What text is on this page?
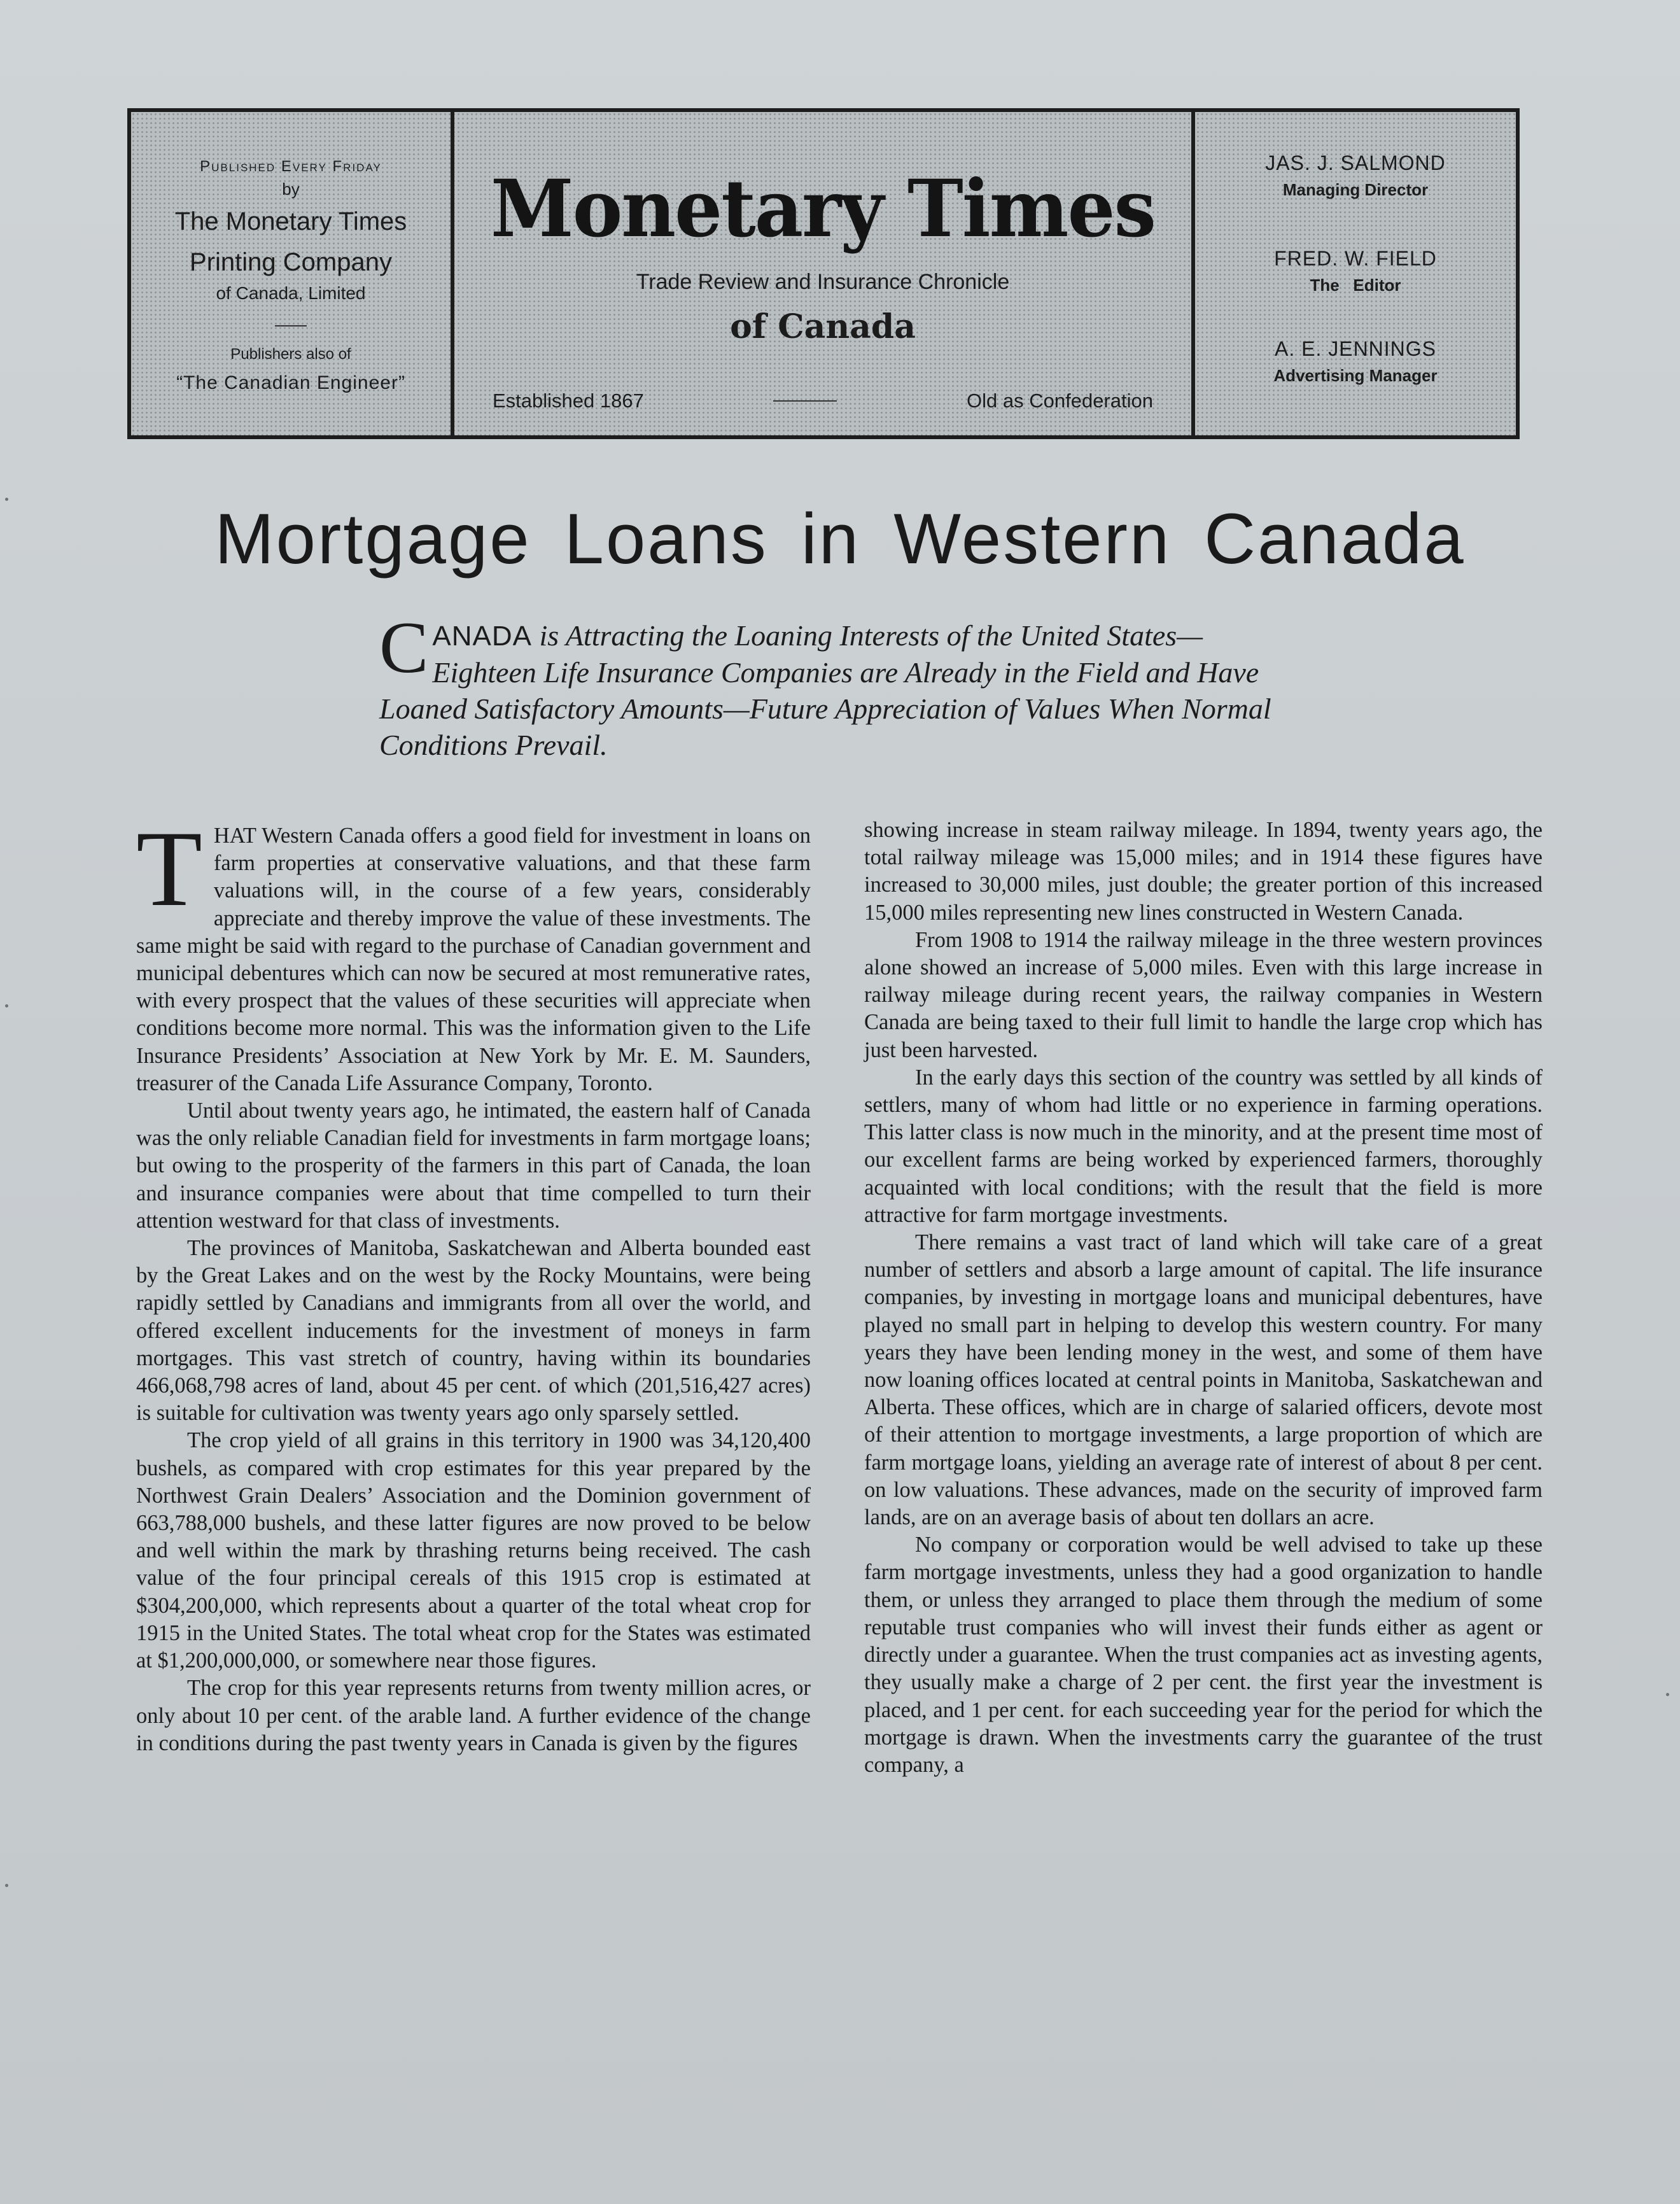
Published Every Friday
by
The Monetary Times
Printing Company
of Canada, Limited
Publishers also of
“The Canadian Engineer”
Monetary Times
Trade Review and Insurance Chronicle
of Canada
Established 1867	Old as Confederation
JAS. J. SALMOND
Managing Director
FRED. W. FIELD
The   Editor
A. E. JENNINGS
Advertising Manager
Mortgage Loans in Western Canada
CANADA is Attracting the Loaning Interests of the United States—Eighteen Life Insurance Companies are Already in the Field and Have Loaned Satisfactory Amounts—Future Appreciation of Values When Normal Conditions Prevail.

THAT Western Canada offers a good field for investment in loans on farm properties at conservative valuations, and that these farm valuations will, in the course of a few years, considerably appreciate and thereby improve the value of these investments. The same might be said with regard to the purchase of Canadian government and municipal debentures which can now be secured at most remunerative rates, with every prospect that the values of these securities will appreciate when conditions become more normal. This was the information given to the Life Insurance Presidents’ Association at New York by Mr. E. M. Saunders, treasurer of the Canada Life Assurance Company, Toronto.

Until about twenty years ago, he intimated, the eastern half of Canada was the only reliable Canadian field for investments in farm mortgage loans; but owing to the prosperity of the farmers in this part of Canada, the loan and insurance companies were about that time compelled to turn their attention westward for that class of investments.

The provinces of Manitoba, Saskatchewan and Alberta bounded east by the Great Lakes and on the west by the Rocky Mountains, were being rapidly settled by Canadians and immigrants from all over the world, and offered excellent inducements for the investment of moneys in farm mortgages. This vast stretch of country, having within its boundaries 466,068,798 acres of land, about 45 per cent. of which (201,516,427 acres) is suitable for cultivation was twenty years ago only sparsely settled.

The crop yield of all grains in this territory in 1900 was 34,120,400 bushels, as compared with crop estimates for this year prepared by the Northwest Grain Dealers’ Association and the Dominion government of 663,788,000 bushels, and these latter figures are now proved to be below and well within the mark by thrashing returns being received. The cash value of the four principal cereals of this 1915 crop is estimated at $304,200,000, which represents about a quarter of the total wheat crop for 1915 in the United States. The total wheat crop for the States was estimated at $1,200,000,000, or somewhere near those figures.

The crop for this year represents returns from twenty million acres, or only about 10 per cent. of the arable land. A further evidence of the change in conditions during the past twenty years in Canada is given by the figures

showing increase in steam railway mileage. In 1894, twenty years ago, the total railway mileage was 15,000 miles; and in 1914 these figures have increased to 30,000 miles, just double; the greater portion of this increased 15,000 miles representing new lines constructed in Western Canada.

From 1908 to 1914 the railway mileage in the three western provinces alone showed an increase of 5,000 miles. Even with this large increase in railway mileage during recent years, the railway companies in Western Canada are being taxed to their full limit to handle the large crop which has just been harvested.

In the early days this section of the country was settled by all kinds of settlers, many of whom had little or no experience in farming operations. This latter class is now much in the minority, and at the present time most of our excellent farms are being worked by experienced farmers, thoroughly acquainted with local conditions; with the result that the field is more attractive for farm mortgage investments.

There remains a vast tract of land which will take care of a great number of settlers and absorb a large amount of capital. The life insurance companies, by investing in mortgage loans and municipal debentures, have played no small part in helping to develop this western country. For many years they have been lending money in the west, and some of them have now loaning offices located at central points in Manitoba, Saskatchewan and Alberta. These offices, which are in charge of salaried officers, devote most of their attention to mortgage investments, a large proportion of which are farm mortgage loans, yielding an average rate of interest of about 8 per cent. on low valuations. These advances, made on the security of improved farm lands, are on an average basis of about ten dollars an acre.

No company or corporation would be well advised to take up these farm mortgage investments, unless they had a good organization to handle them, or unless they arranged to place them through the medium of some reputable trust companies who will invest their funds either as agent or directly under a guarantee. When the trust companies act as investing agents, they usually make a charge of 2 per cent. the first year the investment is placed, and 1 per cent. for each succeeding year for the period for which the mortgage is drawn. When the investments carry the guarantee of the trust company, a
